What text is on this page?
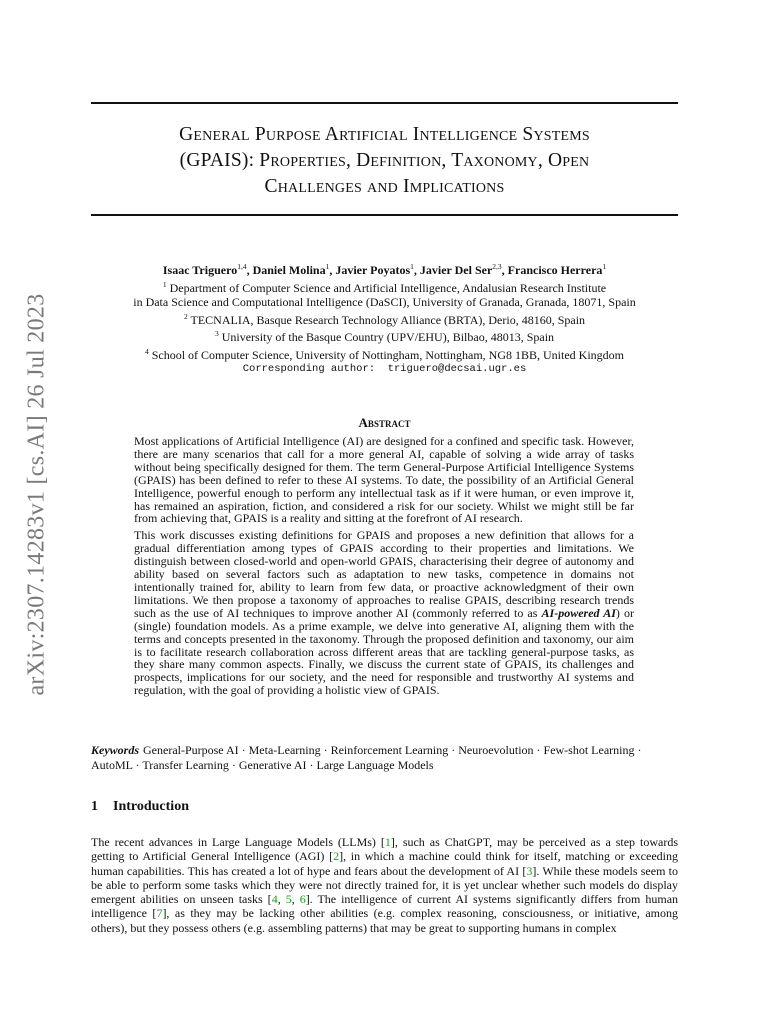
General Purpose Artificial Intelligence Systems
(GPAIS): Properties, Definition, Taxonomy, Open
Challenges and Implications
arXiv:2307.14283v1 [cs.AI] 26 Jul 2023
Isaac Triguero$^{1,4}$, Daniel Molina$^1$, Javier Poyatos$^1$, Javier Del Ser$^{2,3}$, Francisco Herrera$^1$
$^1$ Department of Computer Science and Artificial Intelligence, Andalusian Research Institute
in Data Science and Computational Intelligence (DaSCI), University of Granada, Granada, 18071, Spain
$^2$ TECNALIA, Basque Research Technology Alliance (BRTA), Derio, 48160, Spain
$^3$ University of the Basque Country (UPV/EHU), Bilbao, 48013, Spain
$^4$ School of Computer Science, University of Nottingham, Nottingham, NG8 1BB, United Kingdom
Corresponding author:  triguero@decsai.ugr.es
Abstract

Most applications of Artificial Intelligence (AI) are designed for a confined and specific task. However, there are many scenarios that call for a more general AI, capable of solving a wide array of tasks without being specifically designed for them. The term General-Purpose Artificial Intelligence Systems (GPAIS) has been defined to refer to these AI systems. To date, the possibility of an Artificial General Intelligence, powerful enough to perform any intellectual task as if it were human, or even improve it, has remained an aspiration, fiction, and considered a risk for our society. Whilst we might still be far from achieving that, GPAIS is a reality and sitting at the forefront of AI research.

This work discusses existing definitions for GPAIS and proposes a new definition that allows for a gradual differentiation among types of GPAIS according to their properties and limitations. We distinguish between closed-world and open-world GPAIS, characterising their degree of autonomy and ability based on several factors such as adaptation to new tasks, competence in domains not intentionally trained for, ability to learn from few data, or proactive acknowledgment of their own limitations. We then propose a taxonomy of approaches to realise GPAIS, describing research trends such as the use of AI techniques to improve another AI (commonly referred to as AI-powered AI) or (single) foundation models. As a prime example, we delve into generative AI, aligning them with the terms and concepts presented in the taxonomy. Through the proposed definition and taxonomy, our aim is to facilitate research collaboration across different areas that are tackling general-purpose tasks, as they share many common aspects. Finally, we discuss the current state of GPAIS, its challenges and prospects, implications for our society, and the need for responsible and trustworthy AI systems and regulation, with the goal of providing a holistic view of GPAIS.

Keywords General-Purpose AI · Meta-Learning · Reinforcement Learning · Neuroevolution · Few-shot Learning · AutoML · Transfer Learning · Generative AI · Large Language Models
1 Introduction

The recent advances in Large Language Models (LLMs) [1], such as ChatGPT, may be perceived as a step towards getting to Artificial General Intelligence (AGI) [2], in which a machine could think for itself, matching or exceeding human capabilities. This has created a lot of hype and fears about the development of AI [3]. While these models seem to be able to perform some tasks which they were not directly trained for, it is yet unclear whether such models do display emergent abilities on unseen tasks [4, 5, 6]. The intelligence of current AI systems significantly differs from human intelligence [7], as they may be lacking other abilities (e.g. complex reasoning, consciousness, or initiative, among others), but they possess others (e.g. assembling patterns) that may be great to supporting humans in complex
